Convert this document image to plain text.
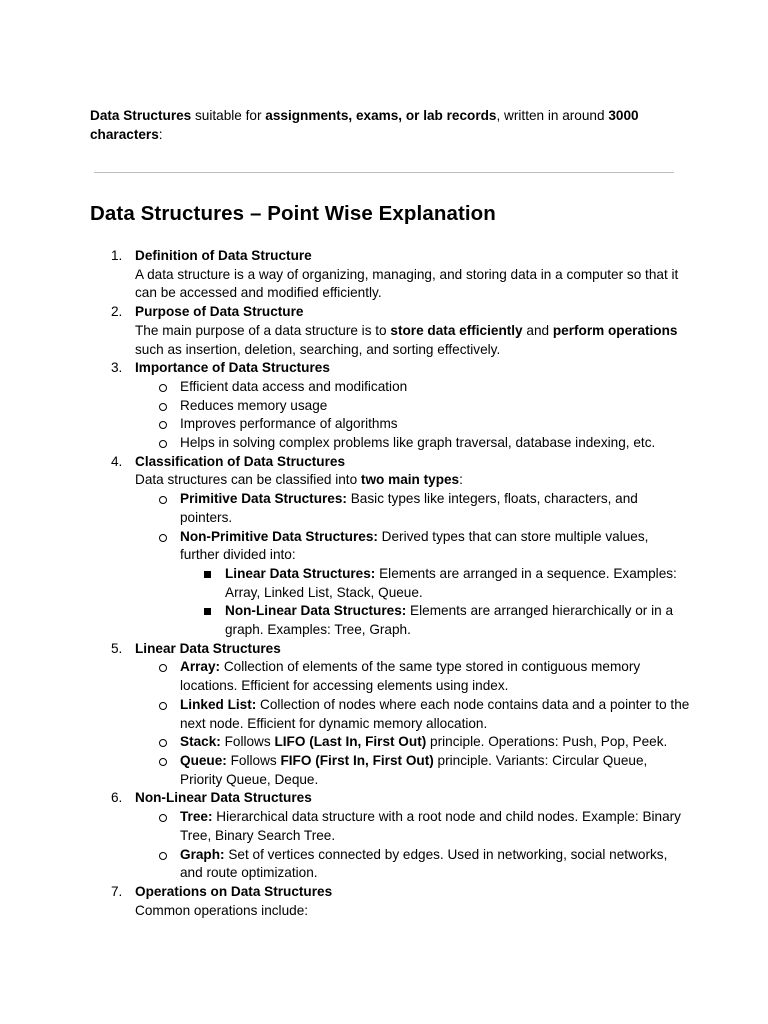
Data Structures suitable for assignments, exams, or lab records, written in around 3000 characters:

Data Structures – Point Wise Explanation
1. Definition of Data Structure
A data structure is a way of organizing, managing, and storing data in a computer so that it can be accessed and modified efficiently.
2. Purpose of Data Structure
The main purpose of a data structure is to store data efficiently and perform operations such as insertion, deletion, searching, and sorting effectively.
3. Importance of Data Structures
Efficient data access and modification
Reduces memory usage
Improves performance of algorithms
Helps in solving complex problems like graph traversal, database indexing, etc.
4. Classification of Data Structures
Data structures can be classified into two main types:
Primitive Data Structures: Basic types like integers, floats, characters, and pointers.
Non-Primitive Data Structures: Derived types that can store multiple values, further divided into:
Linear Data Structures: Elements are arranged in a sequence. Examples: Array, Linked List, Stack, Queue.
Non-Linear Data Structures: Elements are arranged hierarchically or in a graph. Examples: Tree, Graph.
5. Linear Data Structures
Array: Collection of elements of the same type stored in contiguous memory locations. Efficient for accessing elements using index.
Linked List: Collection of nodes where each node contains data and a pointer to the next node. Efficient for dynamic memory allocation.
Stack: Follows LIFO (Last In, First Out) principle. Operations: Push, Pop, Peek.
Queue: Follows FIFO (First In, First Out) principle. Variants: Circular Queue, Priority Queue, Deque.
6. Non-Linear Data Structures
Tree: Hierarchical data structure with a root node and child nodes. Example: Binary Tree, Binary Search Tree.
Graph: Set of vertices connected by edges. Used in networking, social networks, and route optimization.
7. Operations on Data Structures
Common operations include:
